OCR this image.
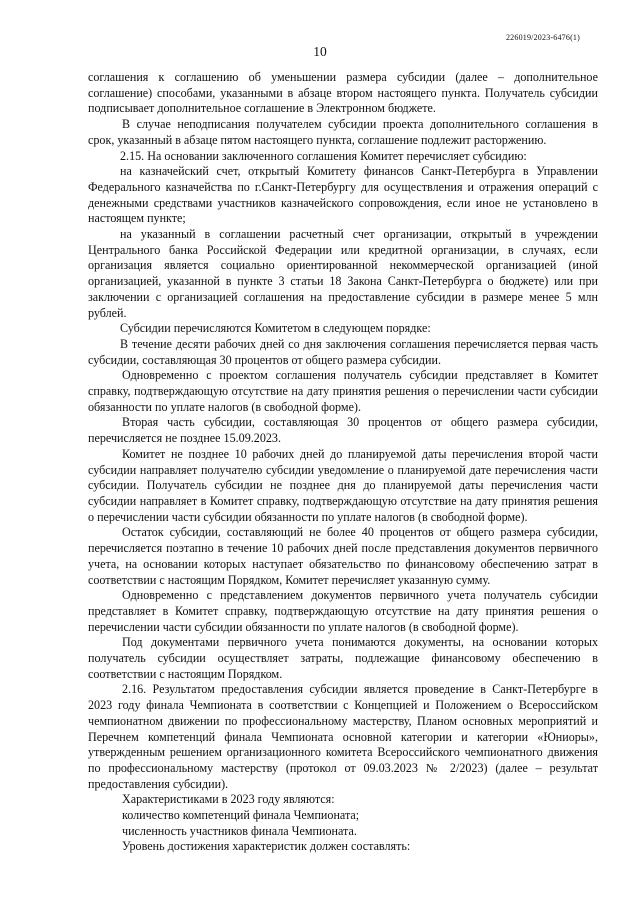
226019/2023-6476(1)
10

соглашения к соглашению об уменьшении размера субсидии (далее – дополнительное соглашение) способами, указанными в абзаце втором настоящего пункта. Получатель субсидии подписывает дополнительное соглашение в Электронном бюджете.

В случае неподписания получателем субсидии проекта дополнительного соглашения в срок, указанный в абзаце пятом настоящего пункта, соглашение подлежит расторжению.

2.15. На основании заключенного соглашения Комитет перечисляет субсидию:

на казначейский счет, открытый Комитету финансов Санкт-Петербурга в Управлении Федерального казначейства по г.Санкт-Петербургу для осуществления и отражения операций с денежными средствами участников казначейского сопровождения, если иное не установлено в настоящем пункте;

на указанный в соглашении расчетный счет организации, открытый в учреждении Центрального банка Российской Федерации или кредитной организации, в случаях, если организация является социально ориентированной некоммерческой организацией (иной организацией, указанной в пункте 3 статьи 18 Закона Санкт-Петербурга о бюджете) или при заключении с организацией соглашения на предоставление субсидии в размере менее 5 млн рублей.

Субсидии перечисляются Комитетом в следующем порядке:

В течение десяти рабочих дней со дня заключения соглашения перечисляется первая часть субсидии, составляющая 30 процентов от общего размера субсидии.

Одновременно с проектом соглашения получатель субсидии представляет в Комитет справку, подтверждающую отсутствие на дату принятия решения о перечислении части субсидии обязанности по уплате налогов (в свободной форме).

Вторая часть субсидии, составляющая 30 процентов от общего размера субсидии, перечисляется не позднее 15.09.2023.

Комитет не позднее 10 рабочих дней до планируемой даты перечисления второй части субсидии направляет получателю субсидии уведомление о планируемой дате перечисления части субсидии. Получатель субсидии не позднее дня до планируемой даты перечисления части субсидии направляет в Комитет справку, подтверждающую отсутствие на дату принятия решения о перечислении части субсидии обязанности по уплате налогов (в свободной форме).

Остаток субсидии, составляющий не более 40 процентов от общего размера субсидии, перечисляется поэтапно в течение 10 рабочих дней после представления документов первичного учета, на основании которых наступает обязательство по финансовому обеспечению затрат в соответствии с настоящим Порядком, Комитет перечисляет указанную сумму.

Одновременно с представлением документов первичного учета получатель субсидии представляет в Комитет справку, подтверждающую отсутствие на дату принятия решения о перечислении части субсидии обязанности по уплате налогов (в свободной форме).

Под документами первичного учета понимаются документы, на основании которых получатель субсидии осуществляет затраты, подлежащие финансовому обеспечению в соответствии с настоящим Порядком.

2.16. Результатом предоставления субсидии является проведение в Санкт-Петербурге в 2023 году финала Чемпионата в соответствии с Концепцией и Положением о Всероссийском чемпионатном движении по профессиональному мастерству, Планом основных мероприятий и Перечнем компетенций финала Чемпионата основной категории и категории «Юниоры», утвержденным решением организационного комитета Всероссийского чемпионатного движения по профессиональному мастерству (протокол от 09.03.2023 № 2/2023) (далее – результат предоставления субсидии).

Характеристиками в 2023 году являются:

количество компетенций финала Чемпионата;

численность участников финала Чемпионата.

Уровень достижения характеристик должен составлять:
